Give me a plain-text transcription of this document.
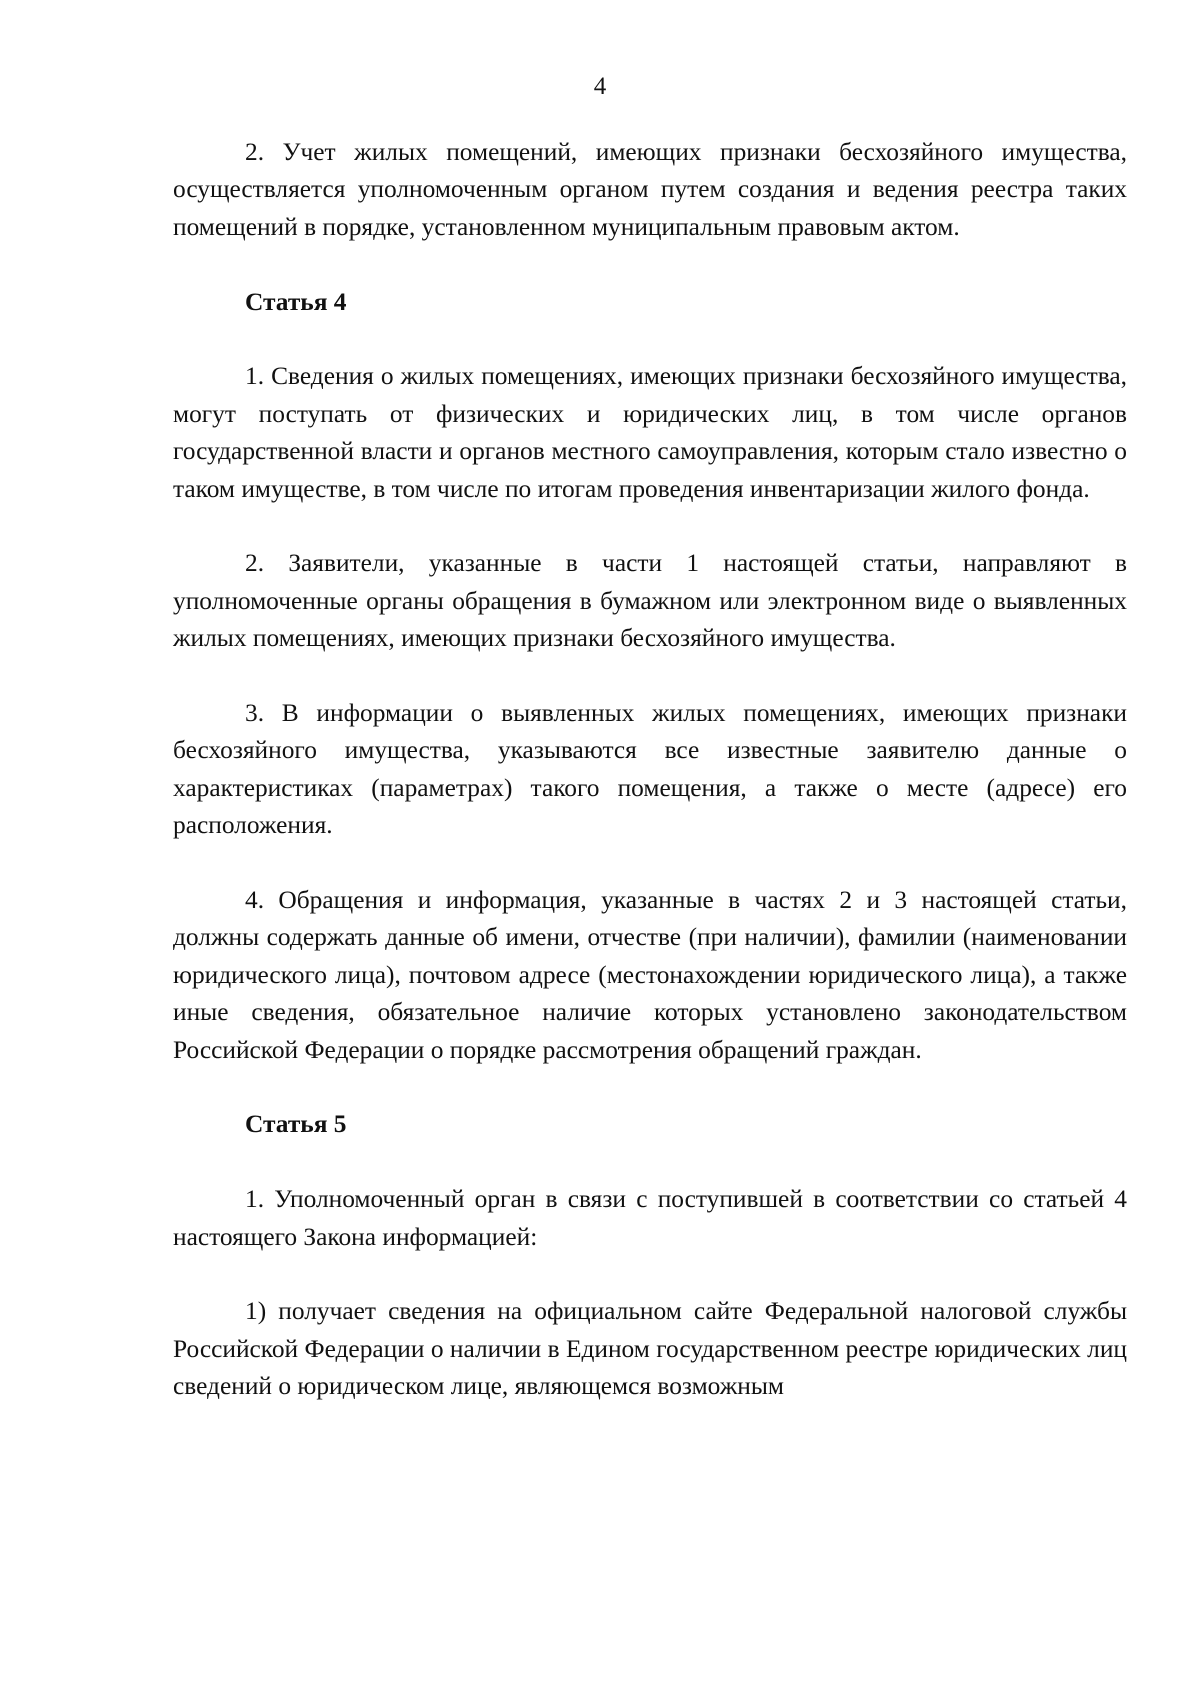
4

2. Учет жилых помещений, имеющих признаки бесхозяйного имущества, осуществляется уполномоченным органом путем создания и ведения реестра таких помещений в порядке, установленном муниципальным правовым актом.

Статья 4

1. Сведения о жилых помещениях, имеющих признаки бесхозяйного имущества, могут поступать от физических и юридических лиц, в том числе органов государственной власти и органов местного самоуправления, которым стало известно о таком имуществе, в том числе по итогам проведения инвентаризации жилого фонда.

2. Заявители, указанные в части 1 настоящей статьи, направляют в уполномоченные органы обращения в бумажном или электронном виде о выявленных жилых помещениях, имеющих признаки бесхозяйного имущества.

3. В информации о выявленных жилых помещениях, имеющих признаки бесхозяйного имущества, указываются все известные заявителю данные о характеристиках (параметрах) такого помещения, а также о месте (адресе) его расположения.

4. Обращения и информация, указанные в частях 2 и 3 настоящей статьи, должны содержать данные об имени, отчестве (при наличии), фамилии (наименовании юридического лица), почтовом адресе (местонахождении юридического лица), а также иные сведения, обязательное наличие которых установлено законодательством Российской Федерации о порядке рассмотрения обращений граждан.

Статья 5

1. Уполномоченный орган в связи с поступившей в соответствии со статьей 4 настоящего Закона информацией:

1) получает сведения на официальном сайте Федеральной налоговой службы Российской Федерации о наличии в Едином государственном реестре юридических лиц сведений о юридическом лице, являющемся возможным
